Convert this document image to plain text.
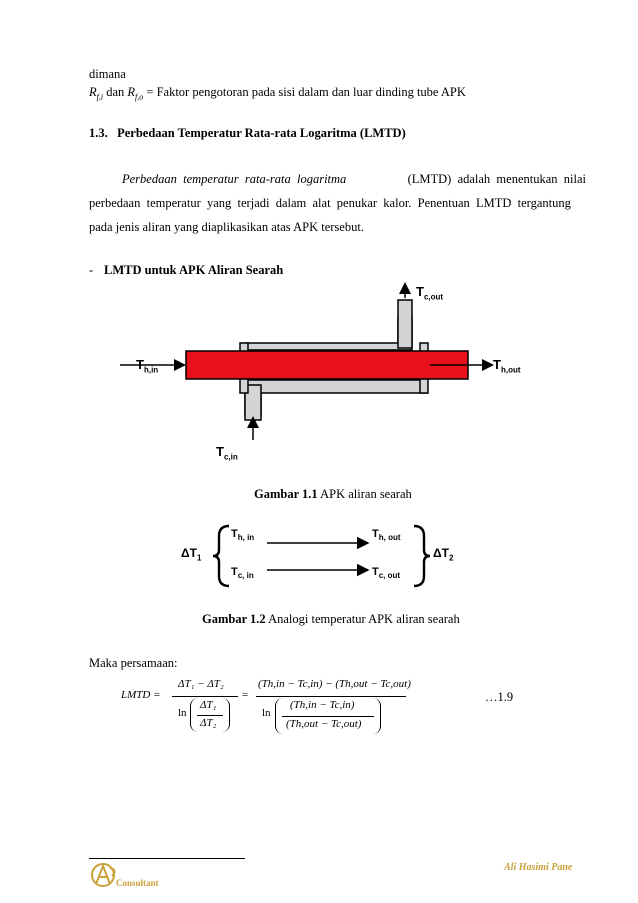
dimana
$R_{f,i}$ dan $R_{f,o}$ = Faktor pengotoran pada sisi dalam dan luar dinding tube APK
1.3.   Perbedaan Temperatur Rata-rata Logaritma (LMTD)
Perbedaan  temperatur  rata-rata  logaritma	(LMTD)  adalah  menentukan  nilai
perbedaan  temperatur  yang  terjadi  dalam  alat  penukar  kalor.  Penentuan  LMTD  tergantung
pada jenis aliran yang diaplikasikan atas APK tersebut.
- LMTD untuk APK Aliran Searah
$T_{c,out}$
$T_{h,in}$	$T_{h,out}$
$T_{c,in}$
Gambar 1.1 APK aliran searah
$T_{h, in}$	$T_{h, out}$
$T_{c, in}$	$T_{c, out}$
$\Delta T_1$	$\Delta T_2$
Gambar 1.2 Analogi temperatur APK aliran searah
Maka persamaan:
LMTD =
ΔT₁ − ΔT₂
ln
ΔT₁
ΔT₂
=
(Th,in − Tc,in) − (Th,out − Tc,out)
ln
(Th,in − Tc,in)
(Th,out − Tc,out)
…1.9
Consultant
Ali Hasimi Pane
